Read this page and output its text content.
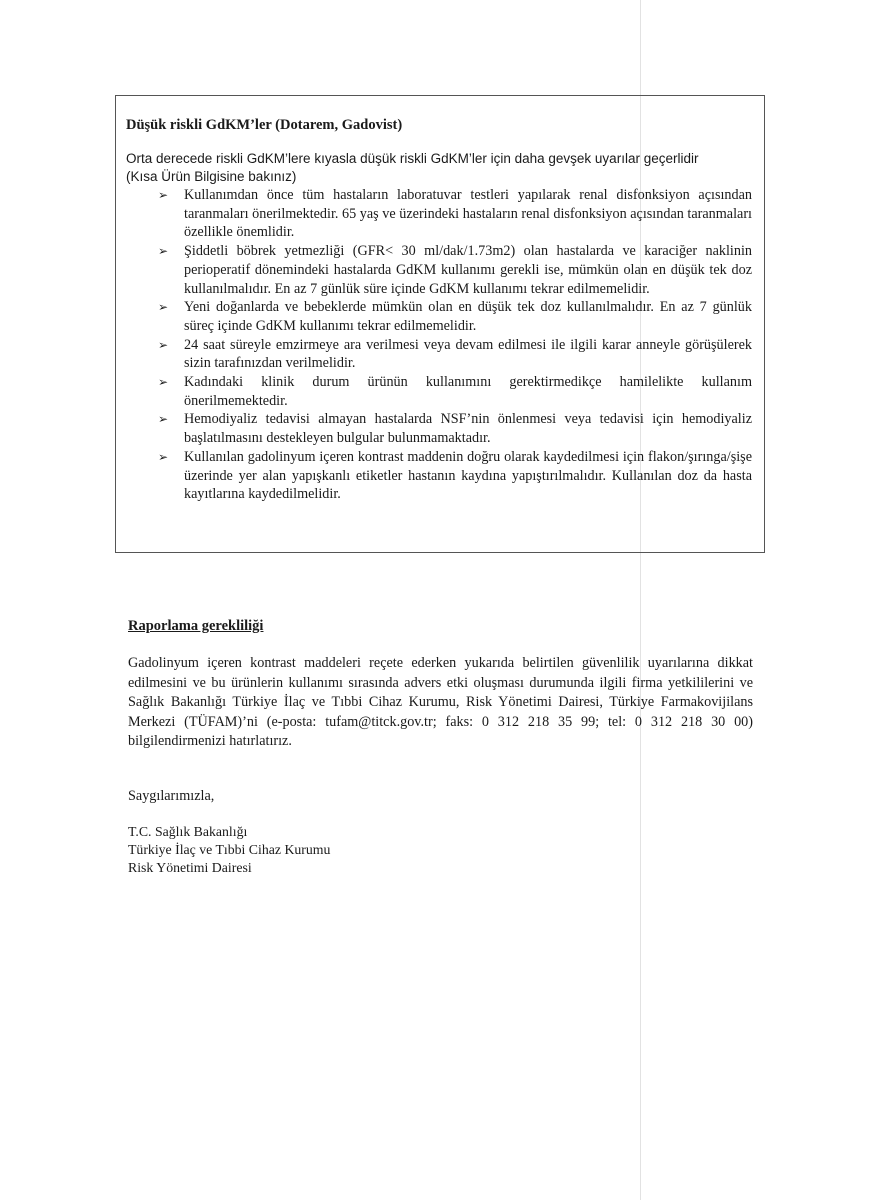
Düşük riskli GdKM’ler (Dotarem, Gadovist)

Orta derecede riskli GdKM’lere kıyasla düşük riskli GdKM’ler için daha gevşek uyarılar geçerlidir (Kısa Ürün Bilgisine bakınız)

➢ Kullanımdan önce tüm hastaların laboratuvar testleri yapılarak renal disfonksiyon açısından taranmaları önerilmektedir. 65 yaş ve üzerindeki hastaların renal disfonksiyon açısından taranmaları özellikle önemlidir.
➢ Şiddetli böbrek yetmezliği (GFR< 30 ml/dak/1.73m2) olan hastalarda ve karaciğer naklinin perioperatif dönemindeki hastalarda GdKM kullanımı gerekli ise, mümkün olan en düşük tek doz kullanılmalıdır. En az 7 günlük süre içinde GdKM kullanımı tekrar edilmemelidir.
➢ Yeni doğanlarda ve bebeklerde mümkün olan en düşük tek doz kullanılmalıdır. En az 7 günlük süreç içinde GdKM kullanımı tekrar edilmemelidir.
➢ 24 saat süreyle emzirmeye ara verilmesi veya devam edilmesi ile ilgili karar anneyle görüşülerek sizin tarafınızdan verilmelidir.
➢ Kadındaki klinik durum ürünün kullanımını gerektirmedikçe hamilelikte kullanım önerilmemektedir.
➢ Hemodiyaliz tedavisi almayan hastalarda NSF’nin önlenmesi veya tedavisi için hemodiyaliz başlatılmasını destekleyen bulgular bulunmamaktadır.
➢ Kullanılan gadolinyum içeren kontrast maddenin doğru olarak kaydedilmesi için flakon/şırınga/şişe üzerinde yer alan yapışkanlı etiketler hastanın kaydına yapıştırılmalıdır. Kullanılan doz da hasta kayıtlarına kaydedilmelidir.
Raporlama gerekliliği
Gadolinyum içeren kontrast maddeleri reçete ederken yukarıda belirtilen güvenlilik uyarılarına dikkat edilmesini ve bu ürünlerin kullanımı sırasında advers etki oluşması durumunda ilgili firma yetkililerini ve Sağlık Bakanlığı Türkiye İlaç ve Tıbbi Cihaz Kurumu, Risk Yönetimi Dairesi, Türkiye Farmakovijilans Merkezi (TÜFAM)’ni (e-posta: tufam@titck.gov.tr; faks: 0 312 218 35 99; tel: 0 312 218 30 00) bilgilendirmenizi hatırlatırız.
Saygılarımızla,
T.C. Sağlık Bakanlığı
Türkiye İlaç ve Tıbbi Cihaz Kurumu
Risk Yönetimi Dairesi
